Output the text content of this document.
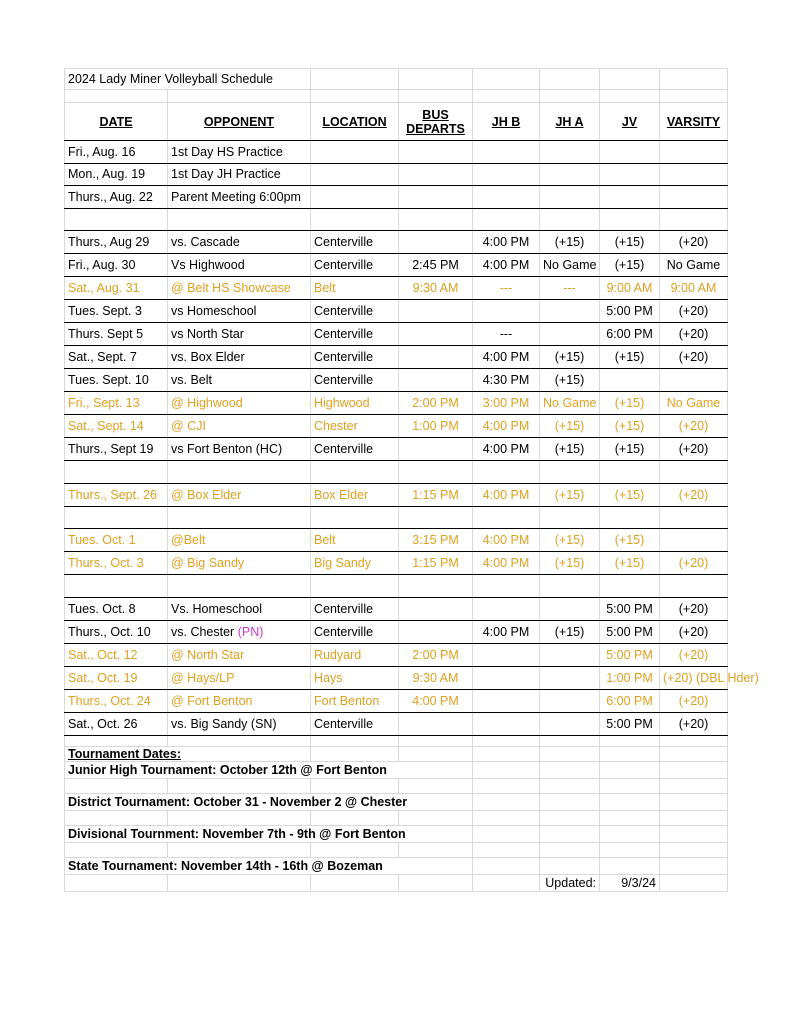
2024 Lady Miner Volleyball Schedule							

DATE	OPPONENT	LOCATION	BUS
DEPARTS	JH B	JH A	JV	VARSITY
Fri., Aug. 16	1st Day HS Practice						
Mon., Aug. 19	1st Day JH Practice						
Thurs., Aug. 22	Parent Meeting 6:00pm						

Thurs., Aug 29	vs. Cascade	Centerville		4:00 PM	(+15)	(+15)	(+20)
Fri., Aug. 30	Vs Highwood	Centerville	2:45 PM	4:00 PM	No Game	(+15)	No Game
Sat., Aug. 31	@ Belt HS Showcase	Belt	9:30 AM	---	---	9:00 AM	9:00 AM
Tues. Sept. 3	vs Homeschool	Centerville				5:00 PM	(+20)
Thurs. Sept 5	vs North Star	Centerville		---		6:00 PM	(+20)
Sat., Sept. 7	vs. Box Elder	Centerville		4:00 PM	(+15)	(+15)	(+20)
Tues. Sept. 10	vs. Belt	Centerville		4:30 PM	(+15)		
Fri., Sept. 13	@ Highwood	Highwood	2:00 PM	3:00 PM	No Game	(+15)	No Game
Sat., Sept. 14	@ CJI	Chester	1:00 PM	4:00 PM	(+15)	(+15)	(+20)
Thurs., Sept 19	vs Fort Benton (HC)	Centerville		4:00 PM	(+15)	(+15)	(+20)

Thurs., Sept. 26	@ Box Elder	Box Elder	1:15 PM	4:00 PM	(+15)	(+15)	(+20)

Tues. Oct. 1	@Belt	Belt	3:15 PM	4:00 PM	(+15)	(+15)	
Thurs., Oct. 3	@ Big Sandy	Big Sandy	1:15 PM	4:00 PM	(+15)	(+15)	(+20)

Tues. Oct. 8	Vs. Homeschool	Centerville				5:00 PM	(+20)
Thurs., Oct. 10	vs. Chester (PN)	Centerville		4:00 PM	(+15)	5:00 PM	(+20)
Sat., Oct. 12	@ North Star	Rudyard	2:00 PM			5:00 PM	(+20)
Sat., Oct. 19	@ Hays/LP	Hays	9:30 AM			1:00 PM	(+20) (DBL Hder)
Thurs., Oct. 24	@ Fort Benton	Fort Benton	4:00 PM			6:00 PM	(+20)
Sat., Oct. 26	vs. Big Sandy (SN)	Centerville				5:00 PM	(+20)

Tournament Dates:							
Junior High Tournament: October 12th @ Fort Benton							

District Tournament: October 31 - November 2 @ Chester							

Divisional Tournment: November 7th - 9th @ Fort Benton							

State Tournament: November 14th - 16th @ Bozeman							
					Updated:	9/3/24	
